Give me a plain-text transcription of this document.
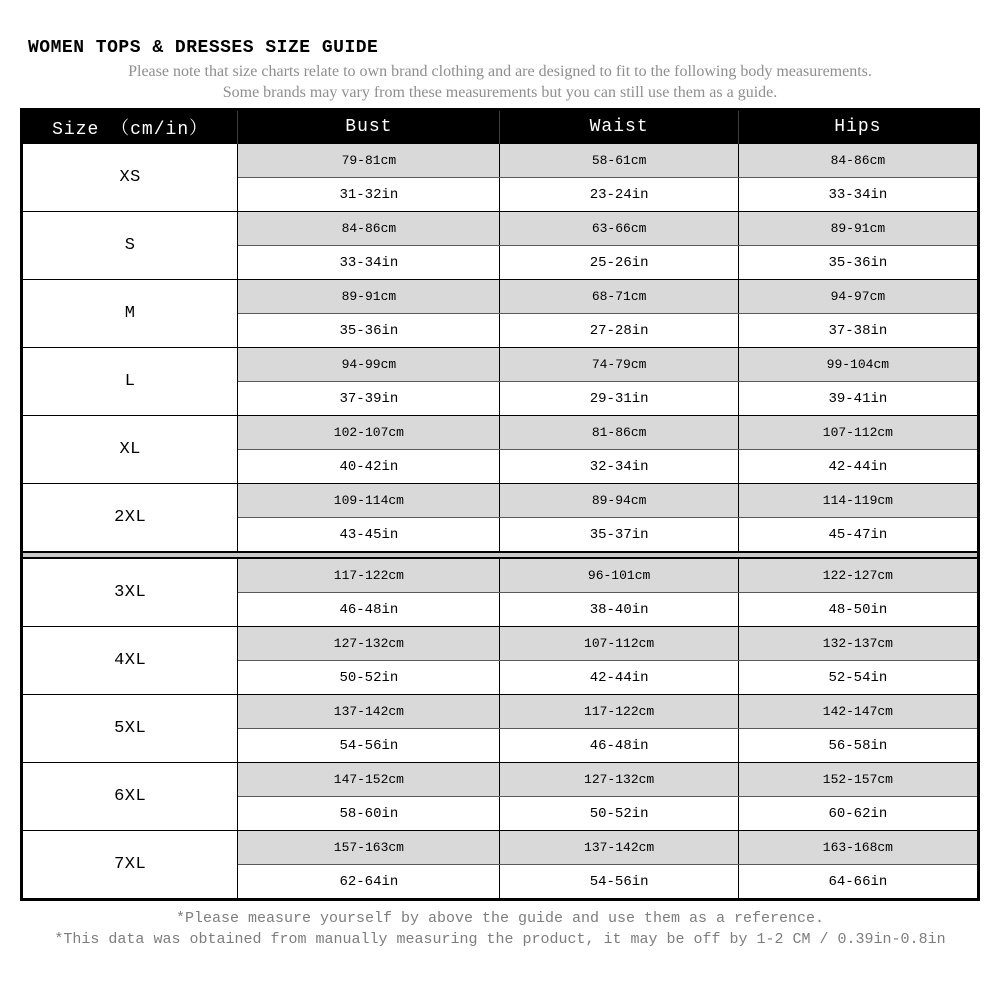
WOMEN TOPS & DRESSES SIZE GUIDE

Please note that size charts relate to own brand clothing and are designed to fit to the following body measurements.

Some brands may vary from these measurements but you can still use them as a guide.

Size （cm/in）	Bust	Waist	Hips
XS	79-81cm	58-61cm	84-86cm
	31-32in	23-24in	33-34in
S	84-86cm	63-66cm	89-91cm
	33-34in	25-26in	35-36in
M	89-91cm	68-71cm	94-97cm
	35-36in	27-28in	37-38in
L	94-99cm	74-79cm	99-104cm
	37-39in	29-31in	39-41in
XL	102-107cm	81-86cm	107-112cm
	40-42in	32-34in	42-44in
2XL	109-114cm	89-94cm	114-119cm
	43-45in	35-37in	45-47in

3XL	117-122cm	96-101cm	122-127cm
	46-48in	38-40in	48-50in
4XL	127-132cm	107-112cm	132-137cm
	50-52in	42-44in	52-54in
5XL	137-142cm	117-122cm	142-147cm
	54-56in	46-48in	56-58in
6XL	147-152cm	127-132cm	152-157cm
	58-60in	50-52in	60-62in
7XL	157-163cm	137-142cm	163-168cm
	62-64in	54-56in	64-66in

*Please measure yourself by above the guide and use them as a reference.

*This data was obtained from manually measuring the product, it may be off by 1-2 CM / 0.39in-0.8in
